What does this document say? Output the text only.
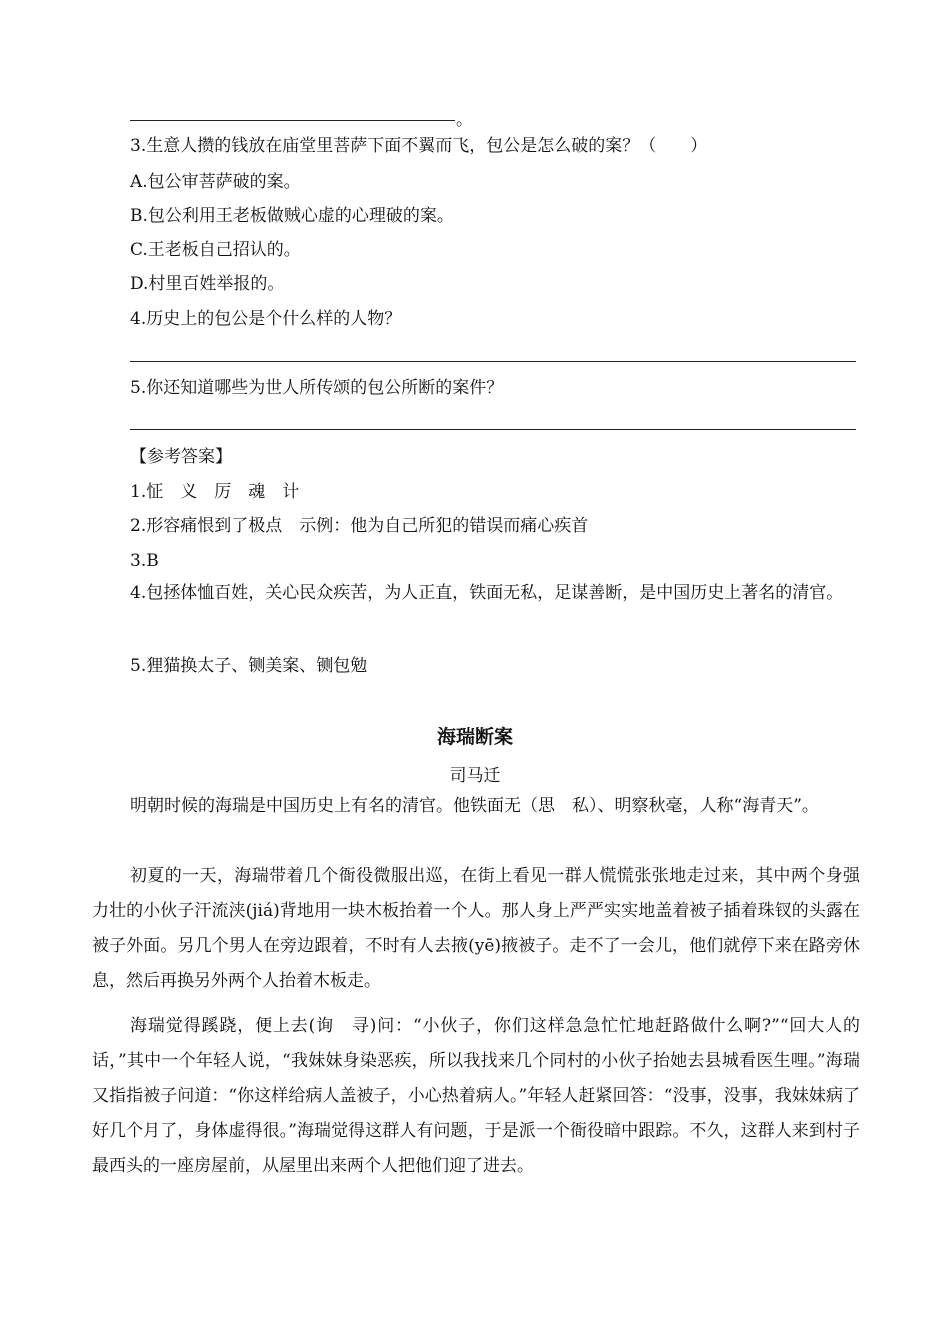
。
3.生意人攒的钱放在庙堂里菩萨下面不翼而飞，包公是怎么破的案？（　　）
A.包公审菩萨破的案。
B.包公利用王老板做贼心虚的心理破的案。
C.王老板自己招认的。
D.村里百姓举报的。
4.历史上的包公是个什么样的人物？
5.你还知道哪些为世人所传颂的包公所断的案件？
【参考答案】
1.怔　义　厉　魂　计
2.形容痛恨到了极点　示例：他为自己所犯的错误而痛心疾首
3.B
4.包拯体恤百姓，关心民众疾苦，为人正直，铁面无私，足谋善断，是中国历史上著名的清官。
5.狸猫换太子、铡美案、铡包勉
海瑞断案
司马迁
明朝时候的海瑞是中国历史上有名的清官。他铁面无（思　私）、明察秋毫，人称“海青天”。
初夏的一天，海瑞带着几个衙役微服出巡，在街上看见一群人慌慌张张地走过来，其中两个身强力壮的小伙子汗流浃(jiá)背地用一块木板抬着一个人。那人身上严严实实地盖着被子插着珠钗的头露在被子外面。另几个男人在旁边跟着，不时有人去掖(yē)掖被子。走不了一会儿，他们就停下来在路旁休息，然后再换另外两个人抬着木板走。
海瑞觉得蹊跷，便上去(询　寻)问：“小伙子，你们这样急急忙忙地赶路做什么啊?”“回大人的话，”其中一个年轻人说，“我妹妹身染恶疾，所以我找来几个同村的小伙子抬她去县城看医生哩。”海瑞又指指被子问道：“你这样给病人盖被子，小心热着病人。”年轻人赶紧回答：“没事，没事，我妹妹病了好几个月了，身体虚得很。”海瑞觉得这群人有问题，于是派一个衙役暗中跟踪。不久，这群人来到村子最西头的一座房屋前，从屋里出来两个人把他们迎了进去。
